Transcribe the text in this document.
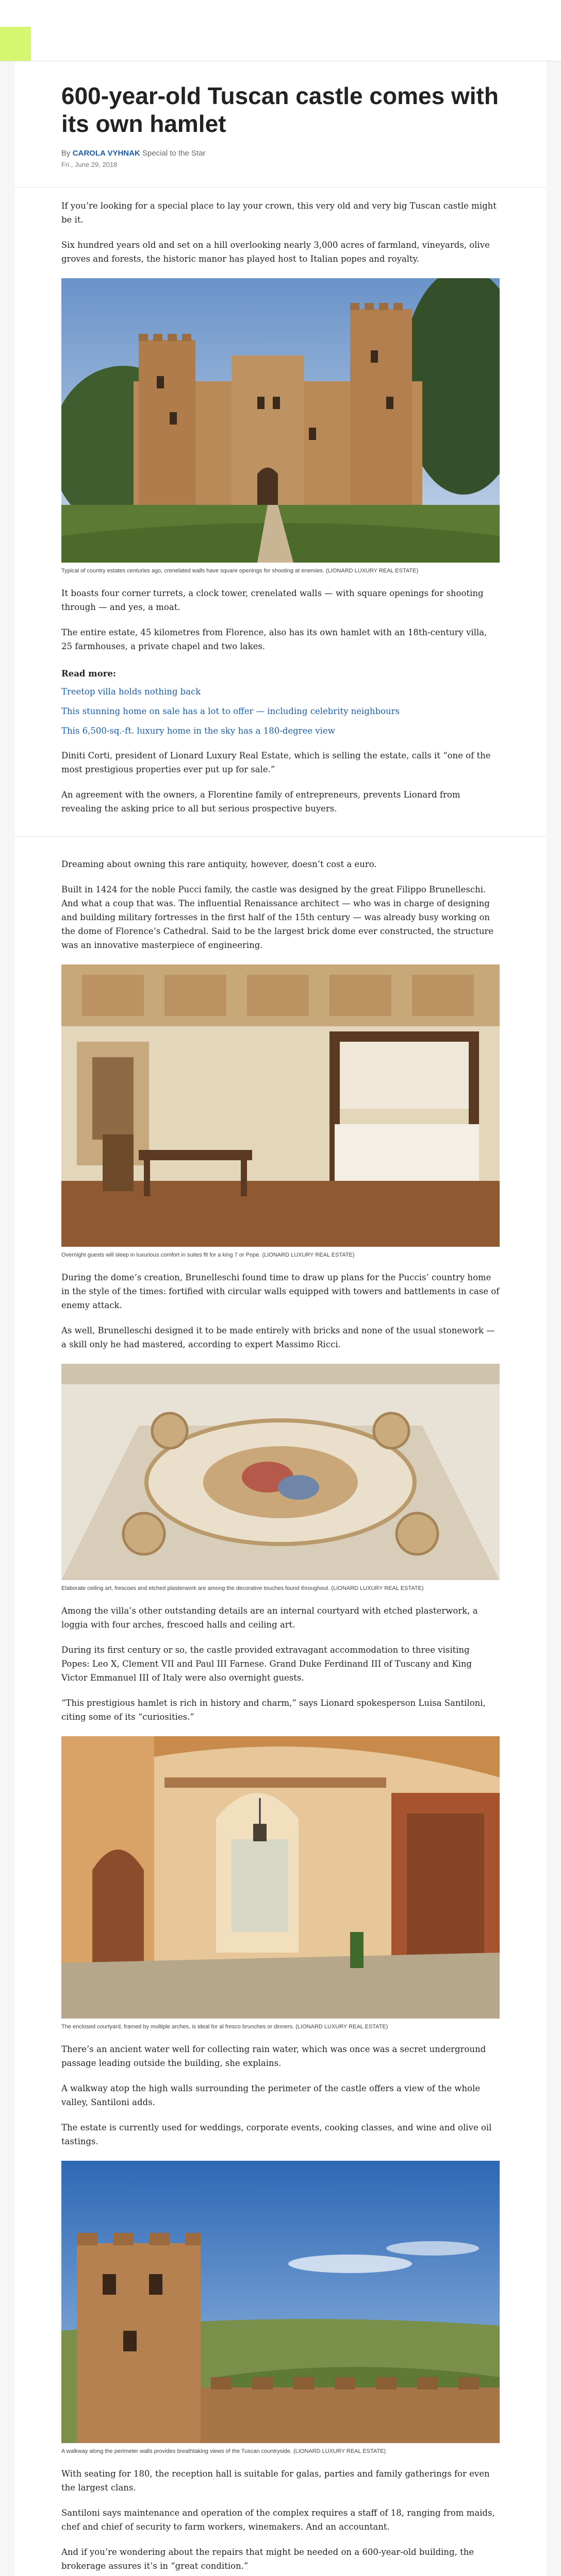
600-year-old Tuscan castle comes with its own hamlet
By CAROLA VYHNAK Special to the Star
Fri., June 29, 2018

If you’re looking for a special place to lay your crown, this very old and very big Tuscan castle might be it.

Six hundred years old and set on a hill overlooking nearly 3,000 acres of farmland, vineyards, olive groves and forests, the historic manor has played host to Italian popes and royalty.

Typical of country estates centuries ago, crenelated walls have square openings for shooting at enemies. (LIONARD LUXURY REAL ESTATE)

It boasts four corner turrets, a clock tower, crenelated walls — with square openings for shooting through — and yes, a moat.

The entire estate, 45 kilometres from Florence, also has its own hamlet with an 18th-century villa, 25 farmhouses, a private chapel and two lakes.

Read more:
Treetop villa holds nothing back
This stunning home on sale has a lot to offer — including celebrity neighbours
This 6,500-sq.-ft. luxury home in the sky has a 180-degree view

Diniti Corti, president of Lionard Luxury Real Estate, which is selling the estate, calls it “one of the most prestigious properties ever put up for sale.”

An agreement with the owners, a Florentine family of entrepreneurs, prevents Lionard from revealing the asking price to all but serious prospective buyers.

Dreaming about owning this rare antiquity, however, doesn’t cost a euro.

Built in 1424 for the noble Pucci family, the castle was designed by the great Filippo Brunelleschi. And what a coup that was. The influential Renaissance architect — who was in charge of designing and building military fortresses in the first half of the 15th century — was already busy working on the dome of Florence’s Cathedral. Said to be the largest brick dome ever constructed, the structure was an innovative masterpiece of engineering.

Overnight guests will sleep in luxurious comfort in suites fit for a king 7 or Pope. (LIONARD LUXURY REAL ESTATE)

During the dome’s creation, Brunelleschi found time to draw up plans for the Puccis’ country home in the style of the times: fortified with circular walls equipped with towers and battlements in case of enemy attack.

As well, Brunelleschi designed it to be made entirely with bricks and none of the usual stonework — a skill only he had mastered, according to expert Massimo Ricci.

Elaborate ceiling art, frescoes and etched plasterwork are among the decorative touches found throughout. (LIONARD LUXURY REAL ESTATE)

Among the villa’s other outstanding details are an internal courtyard with etched plasterwork, a loggia with four arches, frescoed halls and ceiling art.

During its first century or so, the castle provided extravagant accommodation to three visiting Popes: Leo X, Clement VII and Paul III Farnese. Grand Duke Ferdinand III of Tuscany and King Victor Emmanuel III of Italy were also overnight guests.

“This prestigious hamlet is rich in history and charm,” says Lionard spokesperson Luisa Santiloni, citing some of its “curiosities.”

The enclosed courtyard, framed by multiple arches, is ideal for al fresco brunches or dinners. (LIONARD LUXURY REAL ESTATE)

There’s an ancient water well for collecting rain water, which was once was a secret underground passage leading outside the building, she explains.

A walkway atop the high walls surrounding the perimeter of the castle offers a view of the whole valley, Santiloni adds.

The estate is currently used for weddings, corporate events, cooking classes, and wine and olive oil tastings.

A walkway along the perimeter walls provides breathtaking views of the Tuscan countryside. (LIONARD LUXURY REAL ESTATE)

With seating for 180, the reception hall is suitable for galas, parties and family gatherings for even the largest clans.

Santiloni says maintenance and operation of the complex requires a staff of 18, ranging from maids, chef and chief of security to farm workers, winemakers. And an accountant.

And if you’re wondering about the repairs that might be needed on a 600-year-old building, the brokerage assures it’s in “great condition.”
